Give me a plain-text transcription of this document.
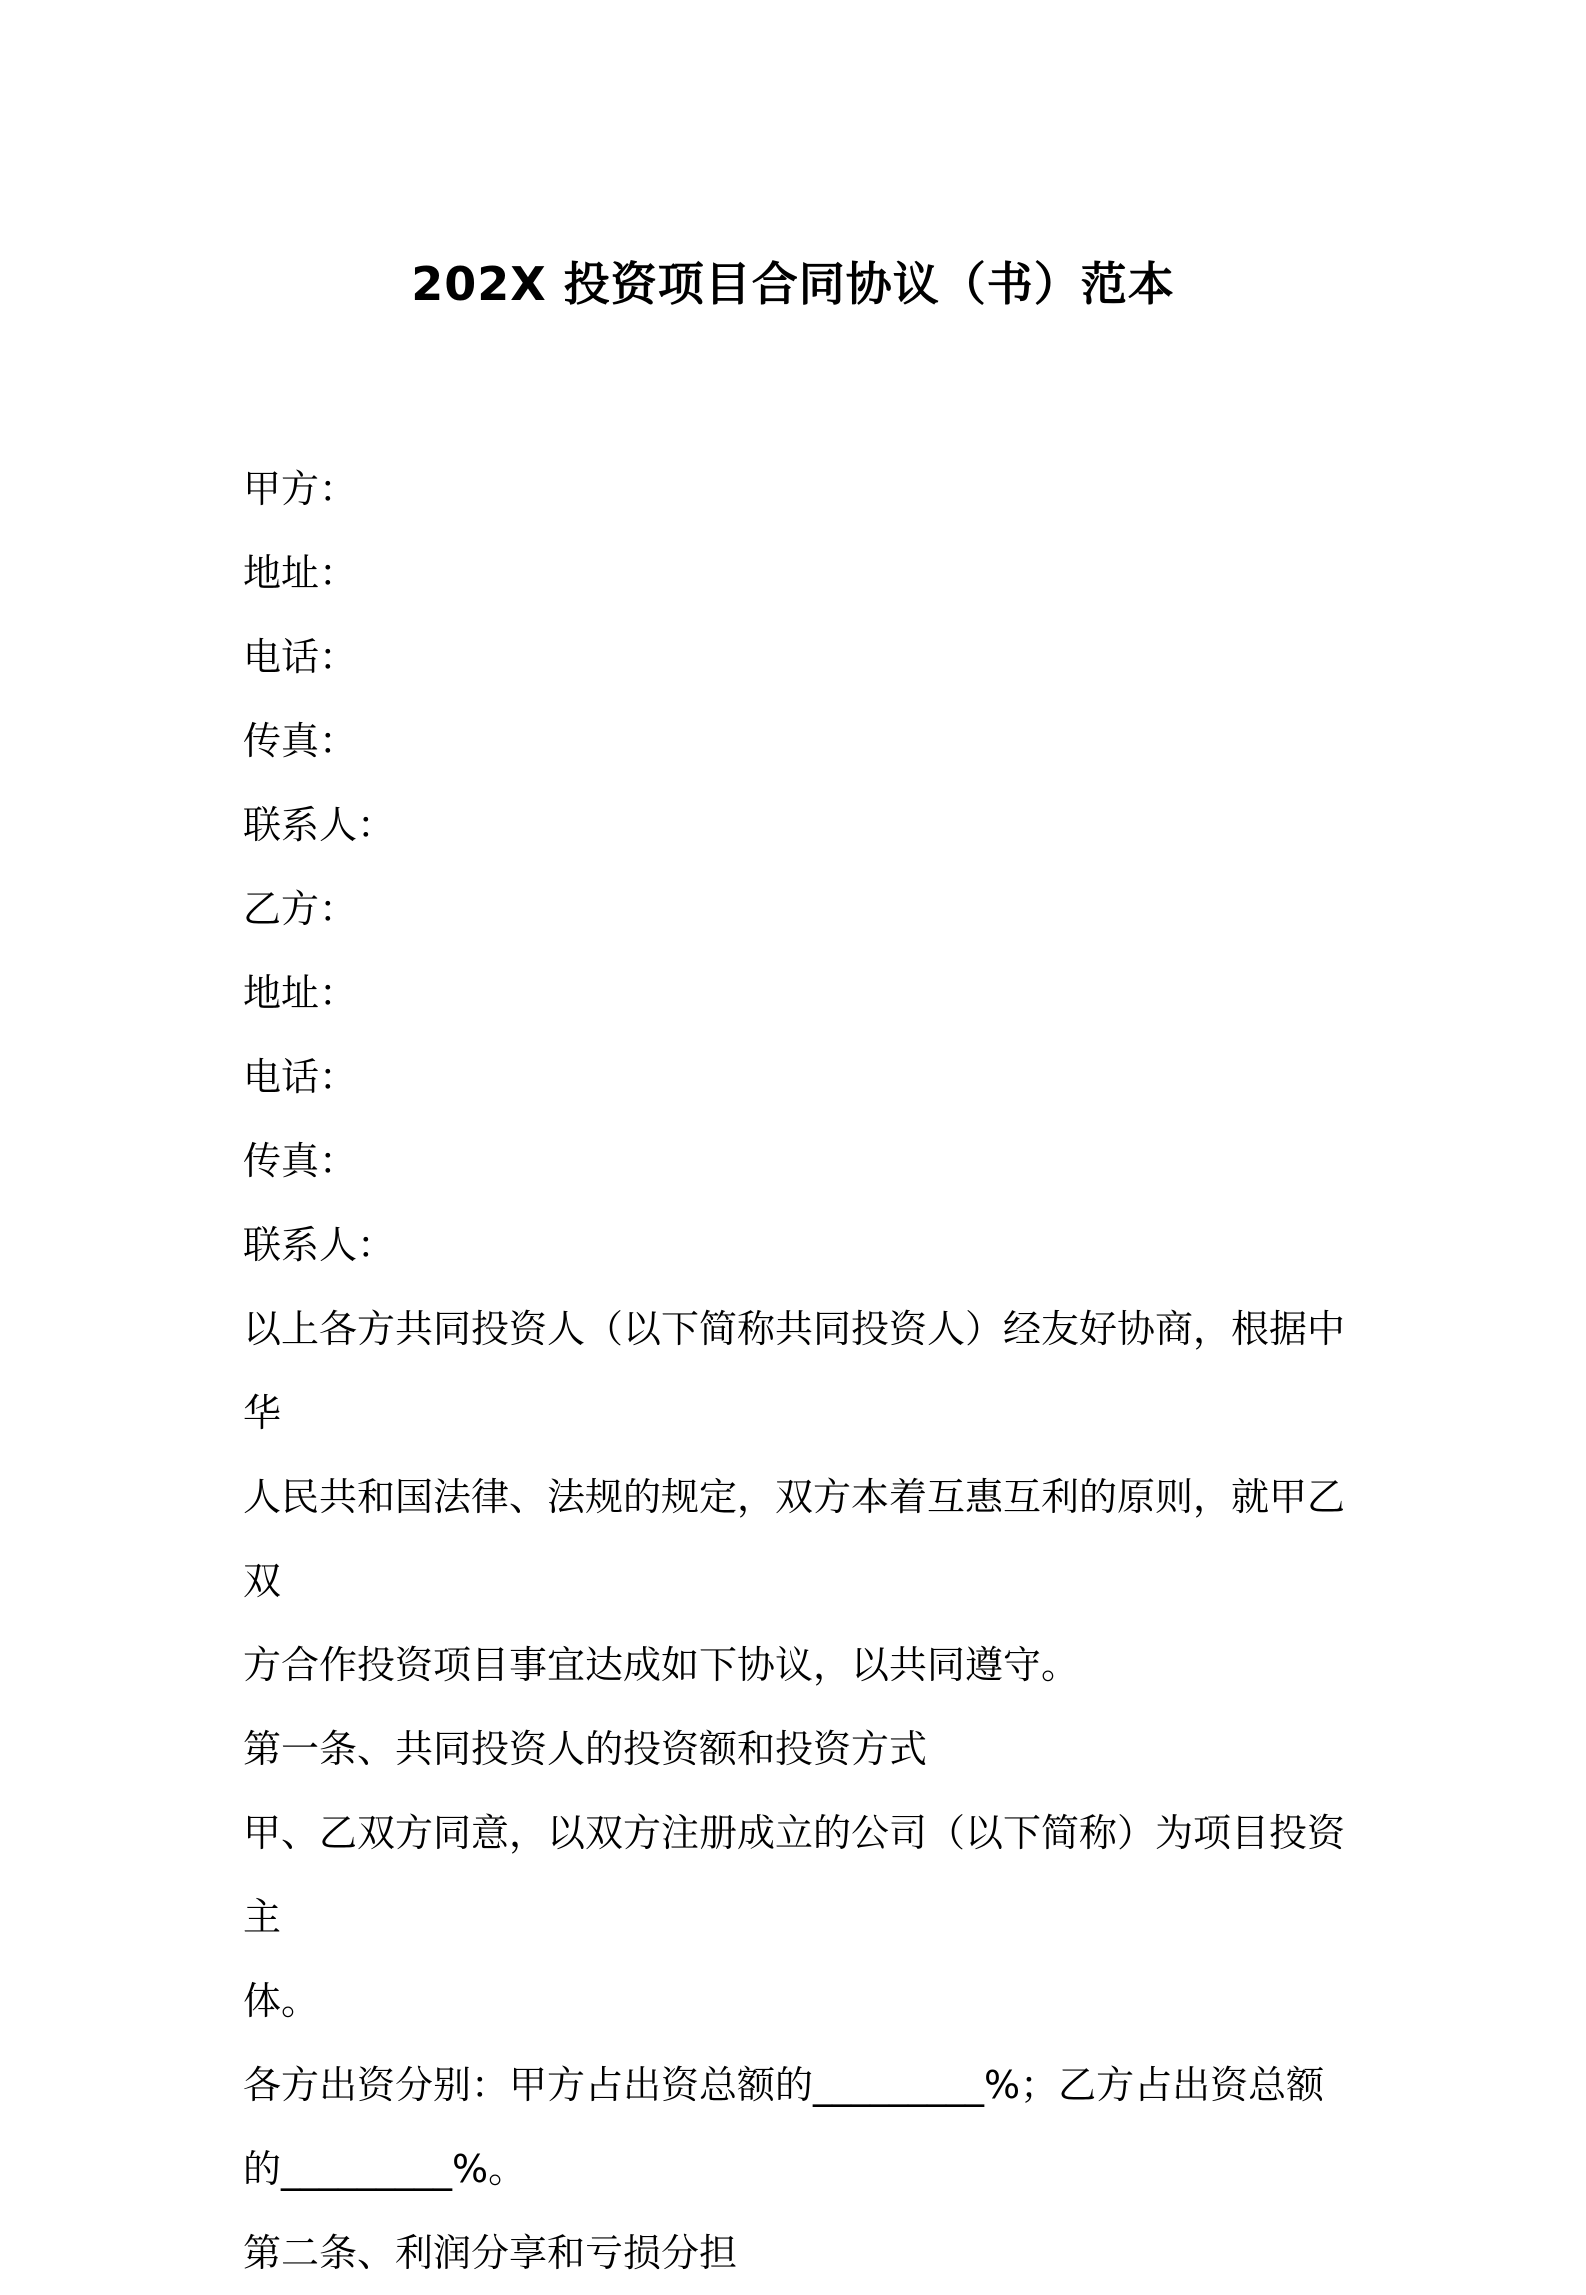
202X 投资项目合同协议（书）范本

甲方：

地址：

电话：

传真：

联系人：

乙方：

地址：

电话：

传真：

联系人：

以上各方共同投资人（以下简称共同投资人）经友好协商，根据中华

人民共和国法律、法规的规定，双方本着互惠互利的原则，就甲乙双

方合作投资项目事宜达成如下协议，以共同遵守。

第一条、共同投资人的投资额和投资方式

甲、乙双方同意，以双方注册成立的公司（以下简称）为项目投资主

体。

各方出资分别：甲方占出资总额的_________%；乙方占出资总额

的_________%。

第二条、利润分享和亏损分担
